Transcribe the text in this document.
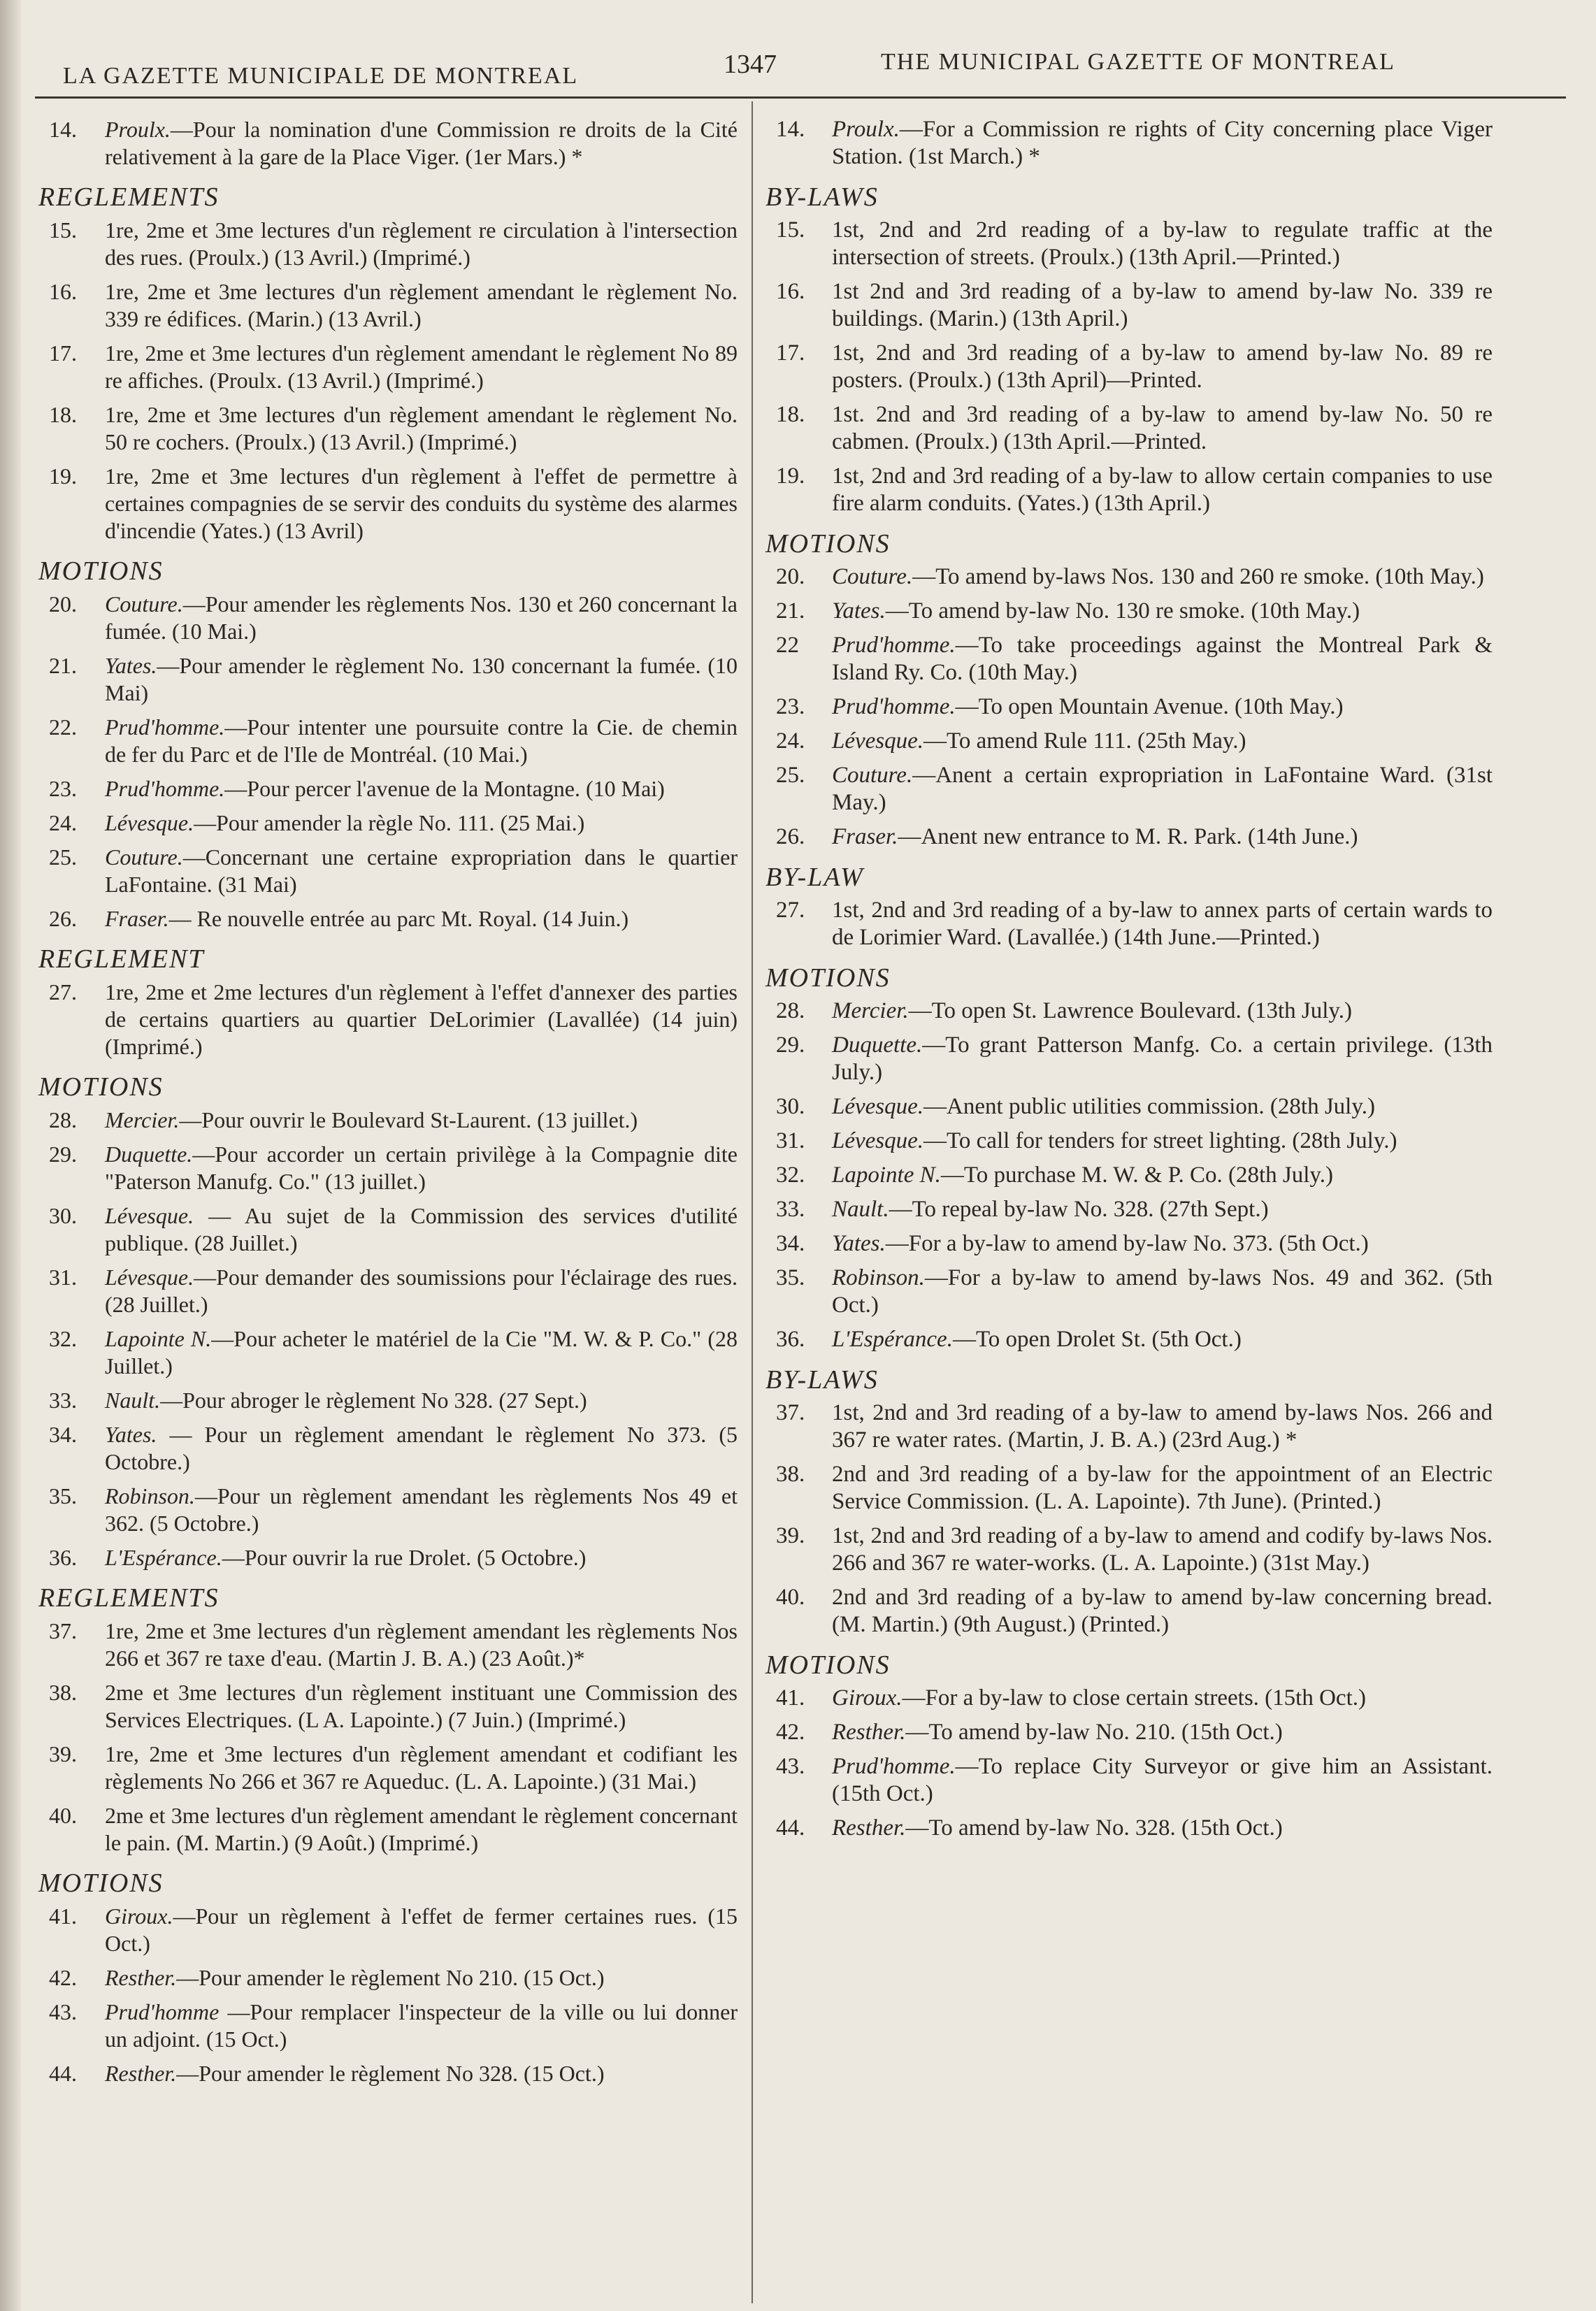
LA GAZETTE MUNICIPALE DE MONTREAL	1347	THE MUNICIPAL GAZETTE OF MONTREAL
14.	Proulx.—Pour la nomination d'une Commission re droits de la Cité relativement à la gare de la Place Viger. (1er Mars.) *
REGLEMENTS
15.	1re, 2me et 3me lectures d'un règlement re circulation à l'intersection des rues. (Proulx.) (13 Avril.) (Imprimé.)
16.	1re, 2me et 3me lectures d'un règlement amendant le règlement No. 339 re édifices. (Marin.) (13 Avril.)
17.	1re, 2me et 3me lectures d'un règlement amendant le règlement No 89 re affiches. (Proulx. (13 Avril.) (Imprimé.)
18.	1re, 2me et 3me lectures d'un règlement amendant le règlement No. 50 re cochers. (Proulx.) (13 Avril.) (Imprimé.)
19.	1re, 2me et 3me lectures d'un règlement à l'effet de permettre à certaines compagnies de se servir des conduits du système des alarmes d'incendie (Yates.) (13 Avril)
MOTIONS
20.	Couture.—Pour amender les règlements Nos. 130 et 260 concernant la fumée. (10 Mai.)
21.	Yates.—Pour amender le règlement No. 130 concernant la fumée. (10 Mai)
22.	Prud'homme.—Pour intenter une poursuite contre la Cie. de chemin de fer du Parc et de l'Ile de Montréal. (10 Mai.)
23.	Prud'homme.—Pour percer l'avenue de la Montagne. (10 Mai)
24.	Lévesque.—Pour amender la règle No. 111. (25 Mai.)
25.	Couture.—Concernant une certaine expropriation dans le quartier LaFontaine. (31 Mai)
26.	Fraser.— Re nouvelle entrée au parc Mt. Royal. (14 Juin.)
REGLEMENT
27.	1re, 2me et 2me lectures d'un règlement à l'effet d'annexer des parties de certains quartiers au quartier DeLorimier (Lavallée) (14 juin) (Imprimé.)
MOTIONS
28.	Mercier.—Pour ouvrir le Boulevard St-Laurent. (13 juillet.)
29.	Duquette.—Pour accorder un certain privilège à la Compagnie dite "Paterson Manufg. Co." (13 juillet.)
30.	Lévesque. — Au sujet de la Commission des services d'utilité publique. (28 Juillet.)
31.	Lévesque.—Pour demander des soumissions pour l'éclairage des rues. (28 Juillet.)
32.	Lapointe N.—Pour acheter le matériel de la Cie "M. W. & P. Co." (28 Juillet.)
33.	Nault.—Pour abroger le règlement No 328. (27 Sept.)
34.	Yates. — Pour un règlement amendant le règlement No 373. (5 Octobre.)
35.	Robinson.—Pour un règlement amendant les règlements Nos 49 et 362. (5 Octobre.)
36.	L'Espérance.—Pour ouvrir la rue Drolet. (5 Octobre.)
REGLEMENTS
37.	1re, 2me et 3me lectures d'un règlement amendant les règlements Nos 266 et 367 re taxe d'eau. (Martin J. B. A.) (23 Août.)*
38.	2me et 3me lectures d'un règlement instituant une Commission des Services Electriques. (L A. Lapointe.) (7 Juin.) (Imprimé.)
39.	1re, 2me et 3me lectures d'un règlement amendant et codifiant les règlements No 266 et 367 re Aqueduc. (L. A. Lapointe.) (31 Mai.)
40.	2me et 3me lectures d'un règlement amendant le règlement concernant le pain. (M. Martin.) (9 Août.) (Imprimé.)
MOTIONS
41.	Giroux.—Pour un règlement à l'effet de fermer certaines rues. (15 Oct.)
42.	Resther.—Pour amender le règlement No 210. (15 Oct.)
43.	Prud'homme —Pour remplacer l'inspecteur de la ville ou lui donner un adjoint. (15 Oct.)
44.	Resther.—Pour amender le règlement No 328. (15 Oct.)
14.	Proulx.—For a Commission re rights of City concerning place Viger Station. (1st March.) *
BY-LAWS
15.	1st, 2nd and 2rd reading of a by-law to regulate traffic at the intersection of streets. (Proulx.) (13th April.—Printed.)
16.	1st 2nd and 3rd reading of a by-law to amend by-law No. 339 re buildings. (Marin.) (13th April.)
17.	1st, 2nd and 3rd reading of a by-law to amend by-law No. 89 re posters. (Proulx.) (13th April)—Printed.
18.	1st. 2nd and 3rd reading of a by-law to amend by-law No. 50 re cabmen. (Proulx.) (13th April.—Printed.
19.	1st, 2nd and 3rd reading of a by-law to allow certain companies to use fire alarm conduits. (Yates.) (13th April.)
MOTIONS
20.	Couture.—To amend by-laws Nos. 130 and 260 re smoke. (10th May.)
21.	Yates.—To amend by-law No. 130 re smoke. (10th May.)
22	Prud'homme.—To take proceedings against the Montreal Park & Island Ry. Co. (10th May.)
23.	Prud'homme.—To open Mountain Avenue. (10th May.)
24.	Lévesque.—To amend Rule 111. (25th May.)
25.	Couture.—Anent a certain expropriation in LaFontaine Ward. (31st May.)
26.	Fraser.—Anent new entrance to M. R. Park. (14th June.)
BY-LAW
27.	1st, 2nd and 3rd reading of a by-law to annex parts of certain wards to de Lorimier Ward. (Lavallée.) (14th June.—Printed.)
MOTIONS
28.	Mercier.—To open St. Lawrence Boulevard. (13th July.)
29.	Duquette.—To grant Patterson Manfg. Co. a certain privilege. (13th July.)
30.	Lévesque.—Anent public utilities commission. (28th July.)
31.	Lévesque.—To call for tenders for street lighting. (28th July.)
32.	Lapointe N.—To purchase M. W. & P. Co. (28th July.)
33.	Nault.—To repeal by-law No. 328. (27th Sept.)
34.	Yates.—For a by-law to amend by-law No. 373. (5th Oct.)
35.	Robinson.—For a by-law to amend by-laws Nos. 49 and 362. (5th Oct.)
36.	L'Espérance.—To open Drolet St. (5th Oct.)
BY-LAWS
37.	1st, 2nd and 3rd reading of a by-law to amend by-laws Nos. 266 and 367 re water rates. (Martin, J. B. A.) (23rd Aug.) *
38.	2nd and 3rd reading of a by-law for the appointment of an Electric Service Commission. (L. A. Lapointe). 7th June). (Printed.)
39.	1st, 2nd and 3rd reading of a by-law to amend and codify by-laws Nos. 266 and 367 re water-works. (L. A. Lapointe.) (31st May.)
40.	2nd and 3rd reading of a by-law to amend by-law concerning bread. (M. Martin.) (9th August.) (Printed.)
MOTIONS
41.	Giroux.—For a by-law to close certain streets. (15th Oct.)
42.	Resther.—To amend by-law No. 210. (15th Oct.)
43.	Prud'homme.—To replace City Surveyor or give him an Assistant. (15th Oct.)
44.	Resther.—To amend by-law No. 328. (15th Oct.)
